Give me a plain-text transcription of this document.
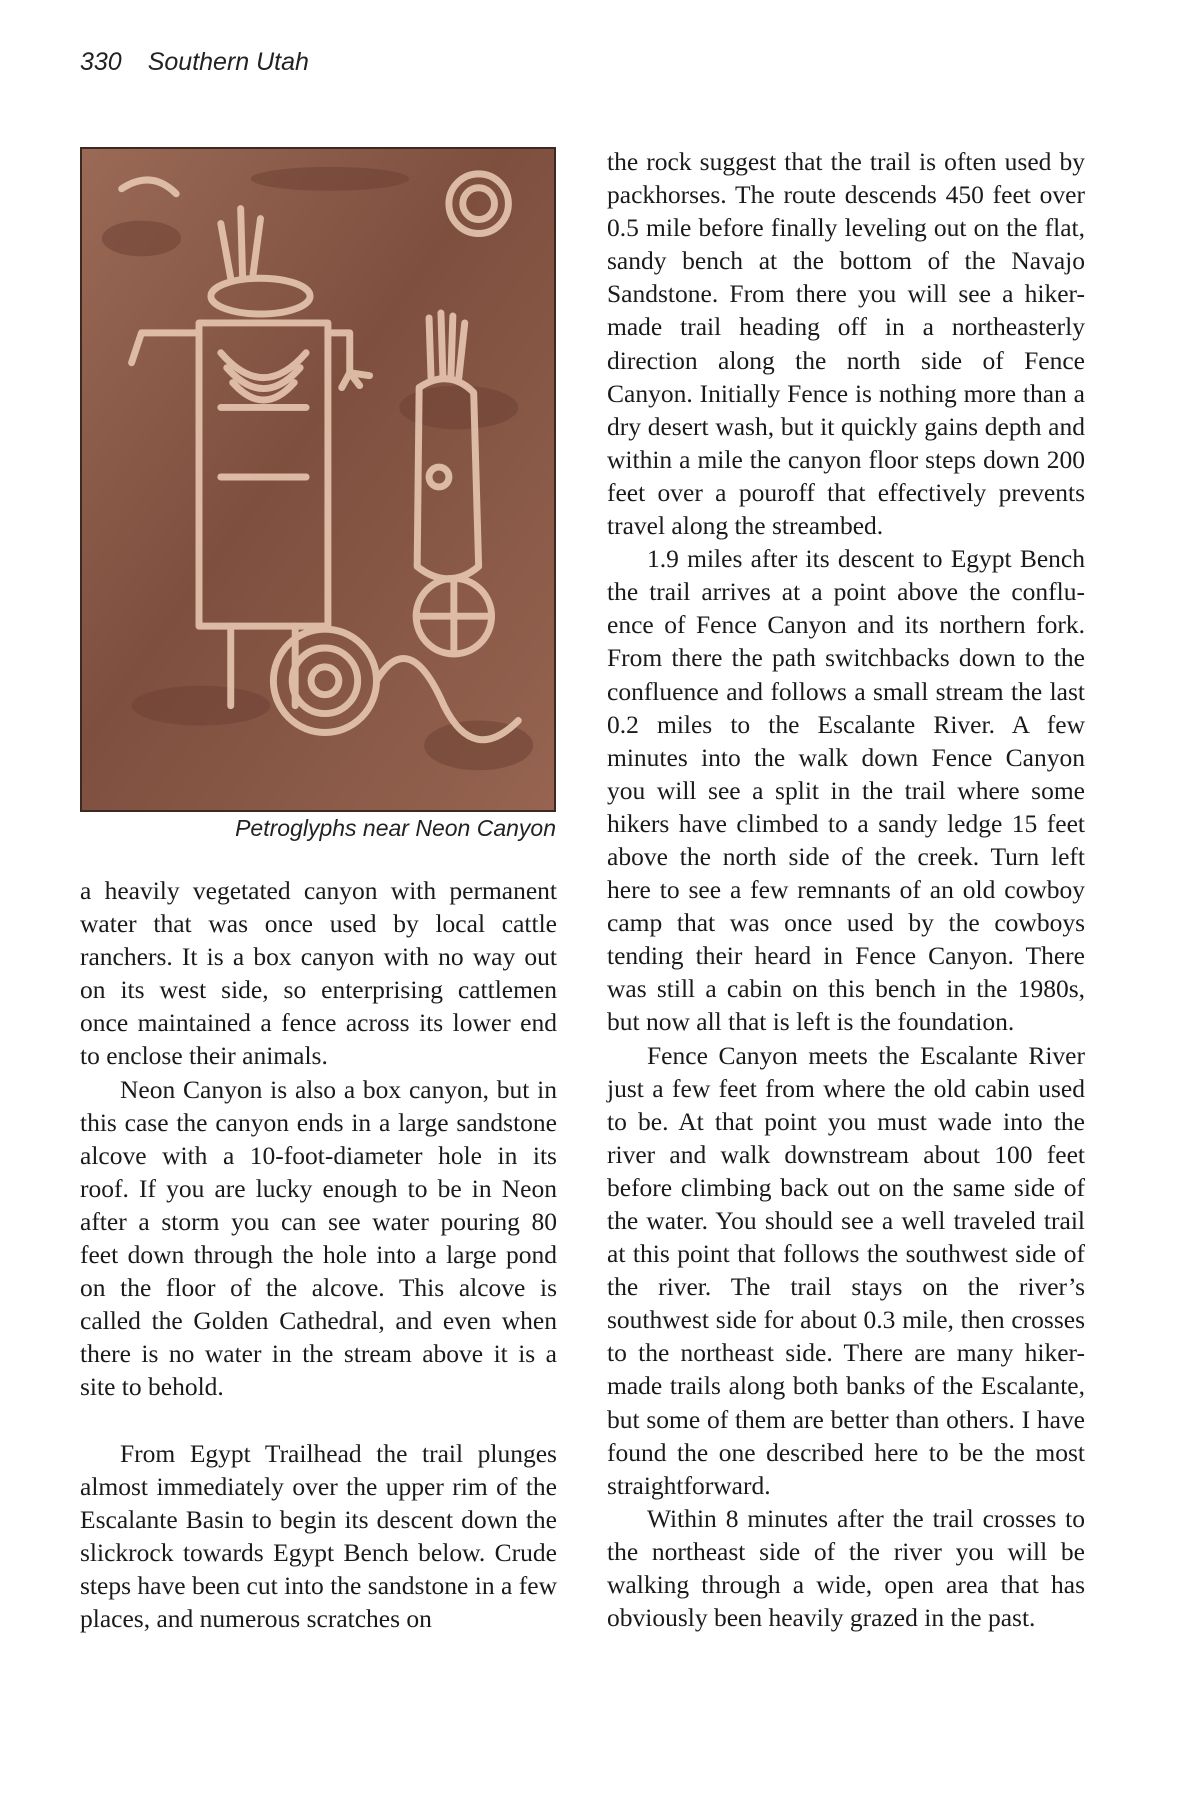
330 Southern Utah
Petroglyphs near Neon Canyon

a heavily vegetated canyon with permanent water that was once used by local cattle ranchers. It is a box canyon with no way out on its west side, so enterprising cattlemen once maintained a fence across its lower end to enclose their animals.

Neon Canyon is also a box canyon, but in this case the canyon ends in a large sandstone alcove with a 10-foot-diameter hole in its roof. If you are lucky enough to be in Neon after a storm you can see water pouring 80 feet down through the hole into a large pond on the floor of the alcove. This alcove is called the Golden Cathedral, and even when there is no water in the stream above it is a site to behold.

From Egypt Trailhead the trail plunges almost immediately over the upper rim of the Escalante Basin to begin its descent down the slickrock towards Egypt Bench below. Crude steps have been cut into the sandstone in a few places, and numerous scratches on

the rock suggest that the trail is often used by packhorses. The route descends 450 feet over 0.5 mile before finally leveling out on the flat, sandy bench at the bottom of the Navajo Sandstone. From there you will see a hiker-made trail heading off in a northeasterly direction along the north side of Fence Canyon. Initially Fence is nothing more than a dry desert wash, but it quickly gains depth and within a mile the canyon floor steps down 200 feet over a pouroff that effectively prevents travel along the streambed.

1.9 miles after its descent to Egypt Bench the trail arrives at a point above the confluence of Fence Canyon and its northern fork. From there the path switchbacks down to the confluence and follows a small stream the last 0.2 miles to the Escalante River. A few minutes into the walk down Fence Canyon you will see a split in the trail where some hikers have climbed to a sandy ledge 15 feet above the north side of the creek. Turn left here to see a few remnants of an old cowboy camp that was once used by the cowboys tending their heard in Fence Canyon. There was still a cabin on this bench in the 1980s, but now all that is left is the foundation.

Fence Canyon meets the Escalante River just a few feet from where the old cabin used to be. At that point you must wade into the river and walk downstream about 100 feet before climbing back out on the same side of the water. You should see a well traveled trail at this point that follows the southwest side of the river. The trail stays on the river’s southwest side for about 0.3 mile, then crosses to the northeast side. There are many hiker-made trails along both banks of the Escalante, but some of them are better than others. I have found the one described here to be the most straightforward.

Within 8 minutes after the trail crosses to the northeast side of the river you will be walking through a wide, open area that has obviously been heavily grazed in the past.
